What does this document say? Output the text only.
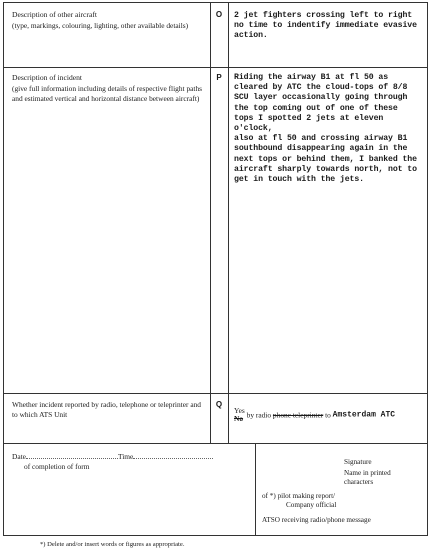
Description of other aircraft
(type, markings, colouring, lighting, other available details)
O	2 jet fighters crossing left to right
no time to indentify immediate evasive
action.
Description of incident
(give full information including details of respective flight paths and estimated vertical and horizontal distance between aircraft)
P	Riding the airway B1 at fl 50 as
cleared by ATC the cloud-tops of 8/8
SCU layer occasionally going through
the top coming out of one of these
tops I spotted 2 jets at eleven o'clock,
also at fl 50 and crossing airway B1
southbound disappearing again in the
next tops or behind them, I banked the
aircraft sharply towards north, not to
get in touch with the jets.
Whether incident reported by radio, telephone or teleprinter and to which ATS Unit
Q
Yes
No by radio phone teleprinter to Amsterdam ATC
Date	Time
of completion of form	Signature
Name in printed characters
of *) pilot making report/
Company official
ATSO receiving radio/phone message
*) Delete and/or insert words or figures as appropriate.
